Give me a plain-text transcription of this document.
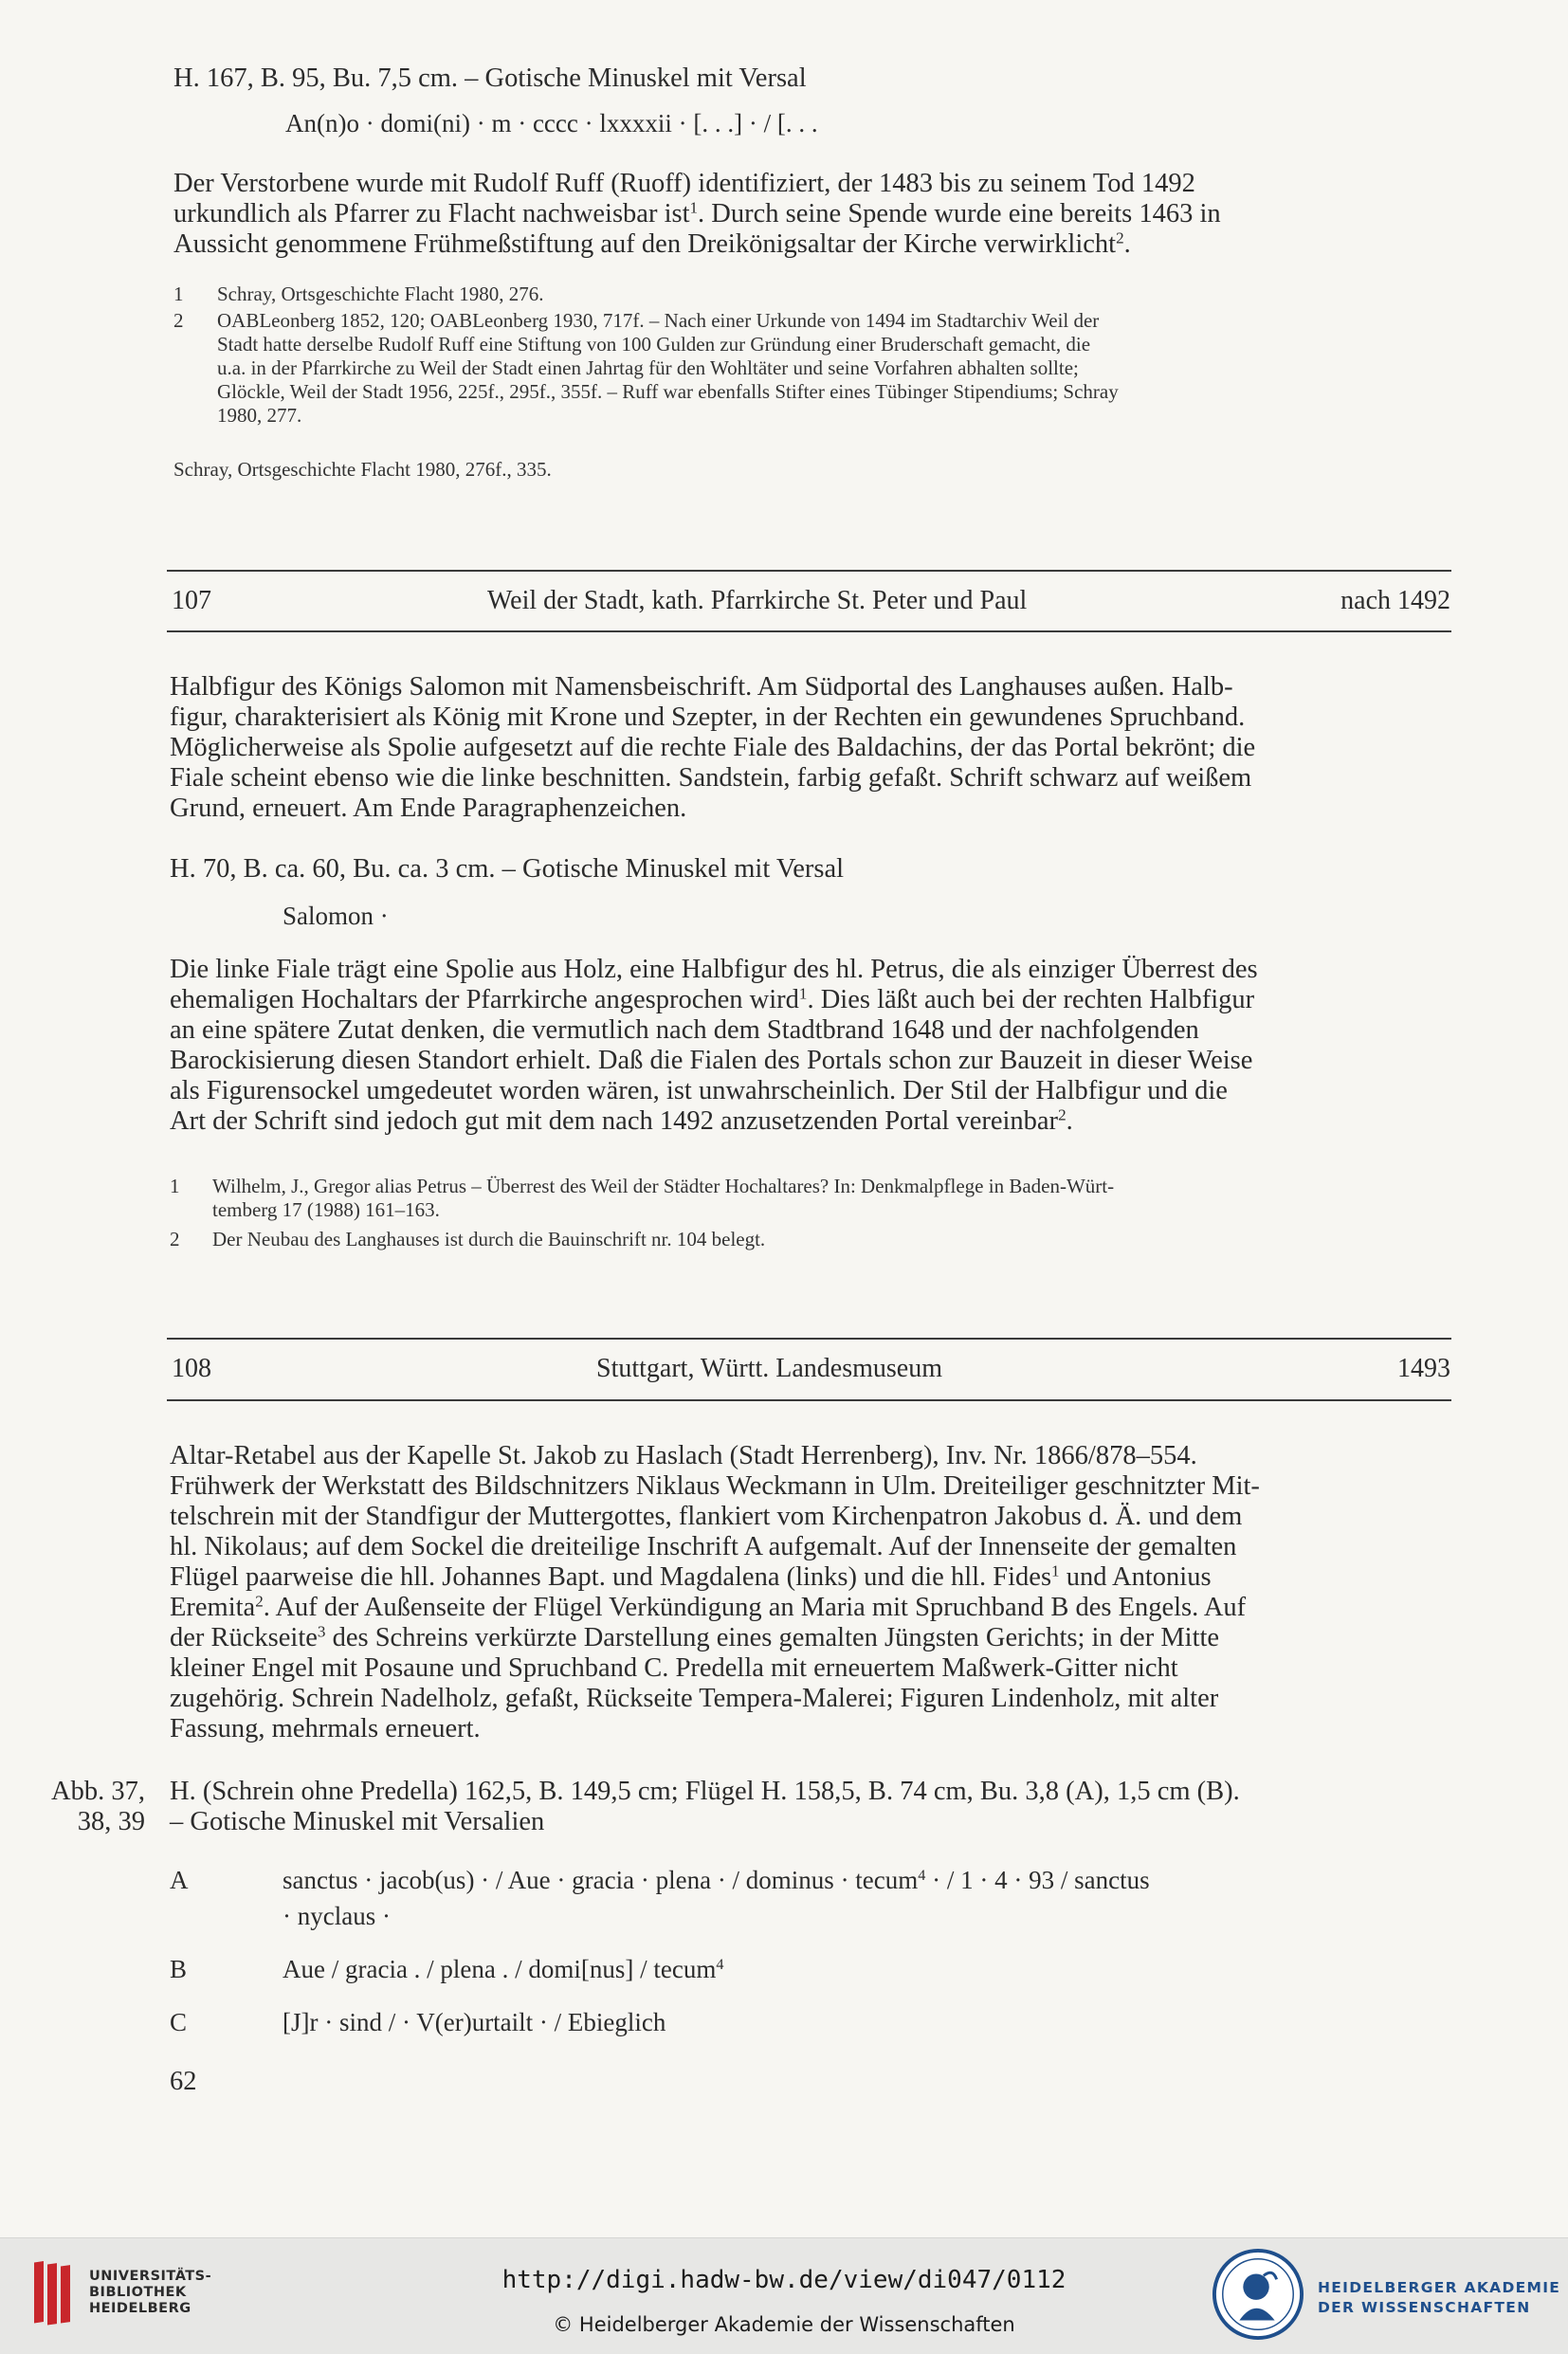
H. 167, B. 95, Bu. 7,5 cm. – Gotische Minuskel mit Versal
An(n)o · domi(ni) · m · cccc · lxxxxii · [. . .] · / [. . .
Der Verstorbene wurde mit Rudolf Ruff (Ruoff) identifiziert, der 1483 bis zu seinem Tod 1492
urkundlich als Pfarrer zu Flacht nachweisbar ist$^1$. Durch seine Spende wurde eine bereits 1463 in
Aussicht genommene Frühmeßstiftung auf den Dreikönigsaltar der Kirche verwirklicht$^2$.
1 Schray, Ortsgeschichte Flacht 1980, 276.
2 OABLeonberg 1852, 120; OABLeonberg 1930, 717f. – Nach einer Urkunde von 1494 im Stadtarchiv Weil der
Stadt hatte derselbe Rudolf Ruff eine Stiftung von 100 Gulden zur Gründung einer Bruderschaft gemacht, die
u.a. in der Pfarrkirche zu Weil der Stadt einen Jahrtag für den Wohltäter und seine Vorfahren abhalten sollte;
Glöckle, Weil der Stadt 1956, 225f., 295f., 355f. – Ruff war ebenfalls Stifter eines Tübinger Stipendiums; Schray
1980, 277.
Schray, Ortsgeschichte Flacht 1980, 276f., 335.
107	Weil der Stadt, kath. Pfarrkirche St. Peter und Paul	nach 1492
Halbfigur des Königs Salomon mit Namensbeischrift. Am Südportal des Langhauses außen. Halb-
figur, charakterisiert als König mit Krone und Szepter, in der Rechten ein gewundenes Spruchband.
Möglicherweise als Spolie aufgesetzt auf die rechte Fiale des Baldachins, der das Portal bekrönt; die
Fiale scheint ebenso wie die linke beschnitten. Sandstein, farbig gefaßt. Schrift schwarz auf weißem
Grund, erneuert. Am Ende Paragraphenzeichen.
H. 70, B. ca. 60, Bu. ca. 3 cm. – Gotische Minuskel mit Versal
Salomon ·
Die linke Fiale trägt eine Spolie aus Holz, eine Halbfigur des hl. Petrus, die als einziger Überrest des
ehemaligen Hochaltars der Pfarrkirche angesprochen wird$^1$. Dies läßt auch bei der rechten Halbfigur
an eine spätere Zutat denken, die vermutlich nach dem Stadtbrand 1648 und der nachfolgenden
Barockisierung diesen Standort erhielt. Daß die Fialen des Portals schon zur Bauzeit in dieser Weise
als Figurensockel umgedeutet worden wären, ist unwahrscheinlich. Der Stil der Halbfigur und die
Art der Schrift sind jedoch gut mit dem nach 1492 anzusetzenden Portal vereinbar$^2$.
1 Wilhelm, J., Gregor alias Petrus – Überrest des Weil der Städter Hochaltares? In: Denkmalpflege in Baden-Würt-
temberg 17 (1988) 161–163.
2 Der Neubau des Langhauses ist durch die Bauinschrift nr. 104 belegt.
108	Stuttgart, Württ. Landesmuseum	1493
Altar-Retabel aus der Kapelle St. Jakob zu Haslach (Stadt Herrenberg), Inv. Nr. 1866/878–554.
Frühwerk der Werkstatt des Bildschnitzers Niklaus Weckmann in Ulm. Dreiteiliger geschnitzter Mit-
telschrein mit der Standfigur der Muttergottes, flankiert vom Kirchenpatron Jakobus d. Ä. und dem
hl. Nikolaus; auf dem Sockel die dreiteilige Inschrift A aufgemalt. Auf der Innenseite der gemalten
Flügel paarweise die hll. Johannes Bapt. und Magdalena (links) und die hll. Fides$^1$ und Antonius
Eremita$^2$. Auf der Außenseite der Flügel Verkündigung an Maria mit Spruchband B des Engels. Auf
der Rückseite$^3$ des Schreins verkürzte Darstellung eines gemalten Jüngsten Gerichts; in der Mitte
kleiner Engel mit Posaune und Spruchband C. Predella mit erneuertem Maßwerk-Gitter nicht
zugehörig. Schrein Nadelholz, gefaßt, Rückseite Tempera-Malerei; Figuren Lindenholz, mit alter
Fassung, mehrmals erneuert.
Abb. 37,
38, 39
H. (Schrein ohne Predella) 162,5, B. 149,5 cm; Flügel H. 158,5, B. 74 cm, Bu. 3,8 (A), 1,5 cm (B).
– Gotische Minuskel mit Versalien
A	sanctus · jacob(us) · / Aue · gracia · plena · / dominus · tecum$^4$ · / 1 · 4 · 93 / sanctus
· nyclaus ·
B	Aue / gracia . / plena . / domi[nus] / tecum$^4$
C	[J]r · sind / · V(er)urtailt · / Ebieglich
62
UNIVERSITÄTS-
BIBLIOTHEK
HEIDELBERG
HEIDELBERGER AKADEMIE
DER WISSENSCHAFTEN
http://digi.hadw-bw.de/view/di047/0112
© Heidelberger Akademie der Wissenschaften
